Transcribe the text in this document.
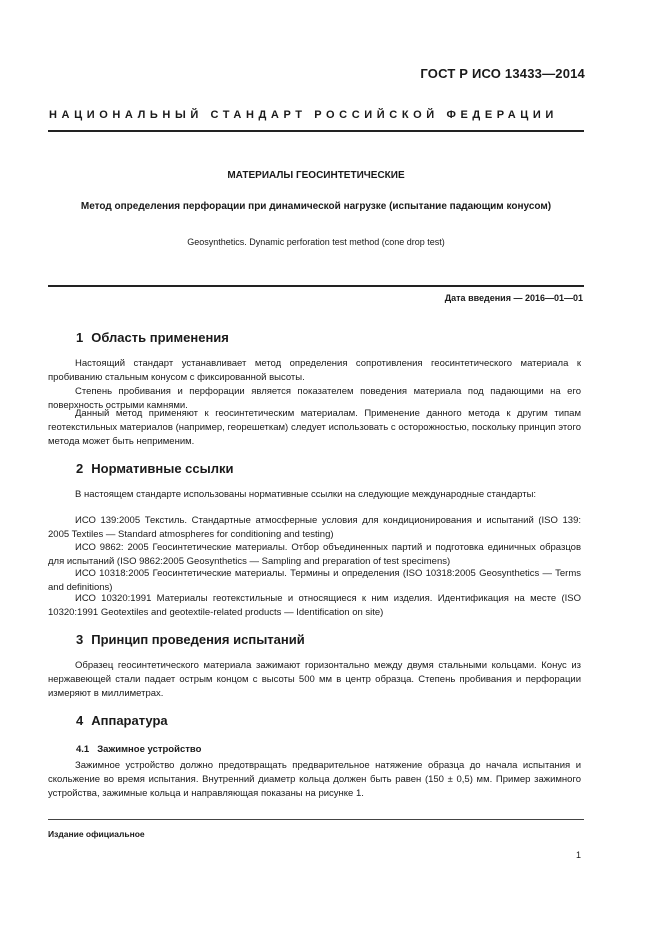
ГОСТ Р ИСО 13433—2014
НАЦИОНАЛЬНЫЙ СТАНДАРТ РОССИЙСКОЙ ФЕДЕРАЦИИ
МАТЕРИАЛЫ ГЕОСИНТЕТИЧЕСКИЕ
Метод определения перфорации при динамической нагрузке (испытание падающим конусом)
Geosynthetics. Dynamic perforation test method (cone drop test)
Дата введения — 2016—01—01
1 Область применения
Настоящий стандарт устанавливает метод определения сопротивления геосинтетического материала к пробиванию стальным конусом с фиксированной высоты.
Степень пробивания и перфорации является показателем поведения материала под падающими на его поверхность острыми камнями.
Данный метод применяют к геосинтетическим материалам. Применение данного метода к другим типам геотекстильных материалов (например, георешеткам) следует использовать с осторожностью, поскольку принцип этого метода может быть неприменим.
2 Нормативные ссылки
В настоящем стандарте использованы нормативные ссылки на следующие международные стандарты:
ИСО 139:2005 Текстиль. Стандартные атмосферные условия для кондиционирования и испытаний (ISO 139: 2005 Textiles — Standard atmospheres for conditioning and testing)
ИСО 9862: 2005 Геосинтетические материалы. Отбор объединенных партий и подготовка единичных образцов для испытаний (ISO 9862:2005 Geosynthetics — Sampling and preparation of test specimens)
ИСО 10318:2005 Геосинтетические материалы. Термины и определения (ISO 10318:2005 Geosynthetics — Terms and definitions)
ИСО 10320:1991 Материалы геотекстильные и относящиеся к ним изделия. Идентификация на месте (ISO 10320:1991 Geotextiles and geotextile-related products — Identification on site)
3 Принцип проведения испытаний
Образец геосинтетического материала зажимают горизонтально между двумя стальными кольцами. Конус из нержавеющей стали падает острым концом с высоты 500 мм в центр образца. Степень пробивания и перфорации измеряют в миллиметрах.
4 Аппаратура
4.1 Зажимное устройство
Зажимное устройство должно предотвращать предварительное натяжение образца до начала испытания и скольжение во время испытания. Внутренний диаметр кольца должен быть равен (150 ± 0,5) мм. Пример зажимного устройства, зажимные кольца и направляющая показаны на рисунке 1.
Издание официальное
1
